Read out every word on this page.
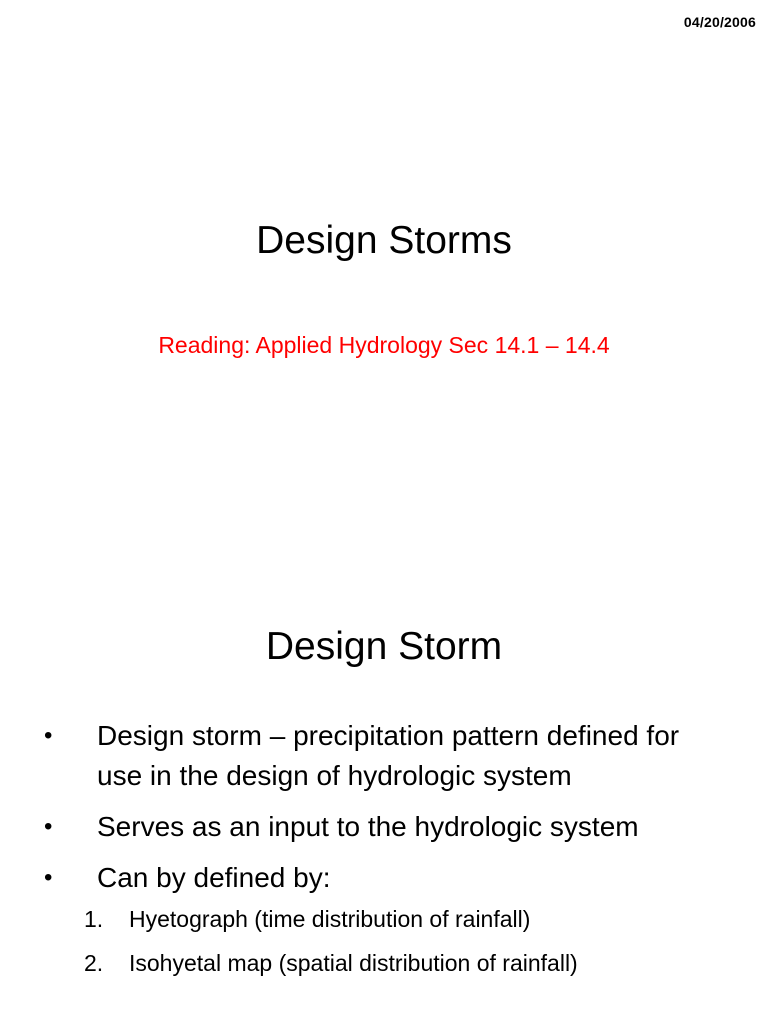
04/20/2006
Design Storms
Reading: Applied Hydrology Sec 14.1 – 14.4
Design Storm
• Design storm – precipitation pattern defined for use in the design of hydrologic system
• Serves as an input to the hydrologic system
• Can by defined by:
1. Hyetograph (time distribution of rainfall)
2. Isohyetal map (spatial distribution of rainfall)
